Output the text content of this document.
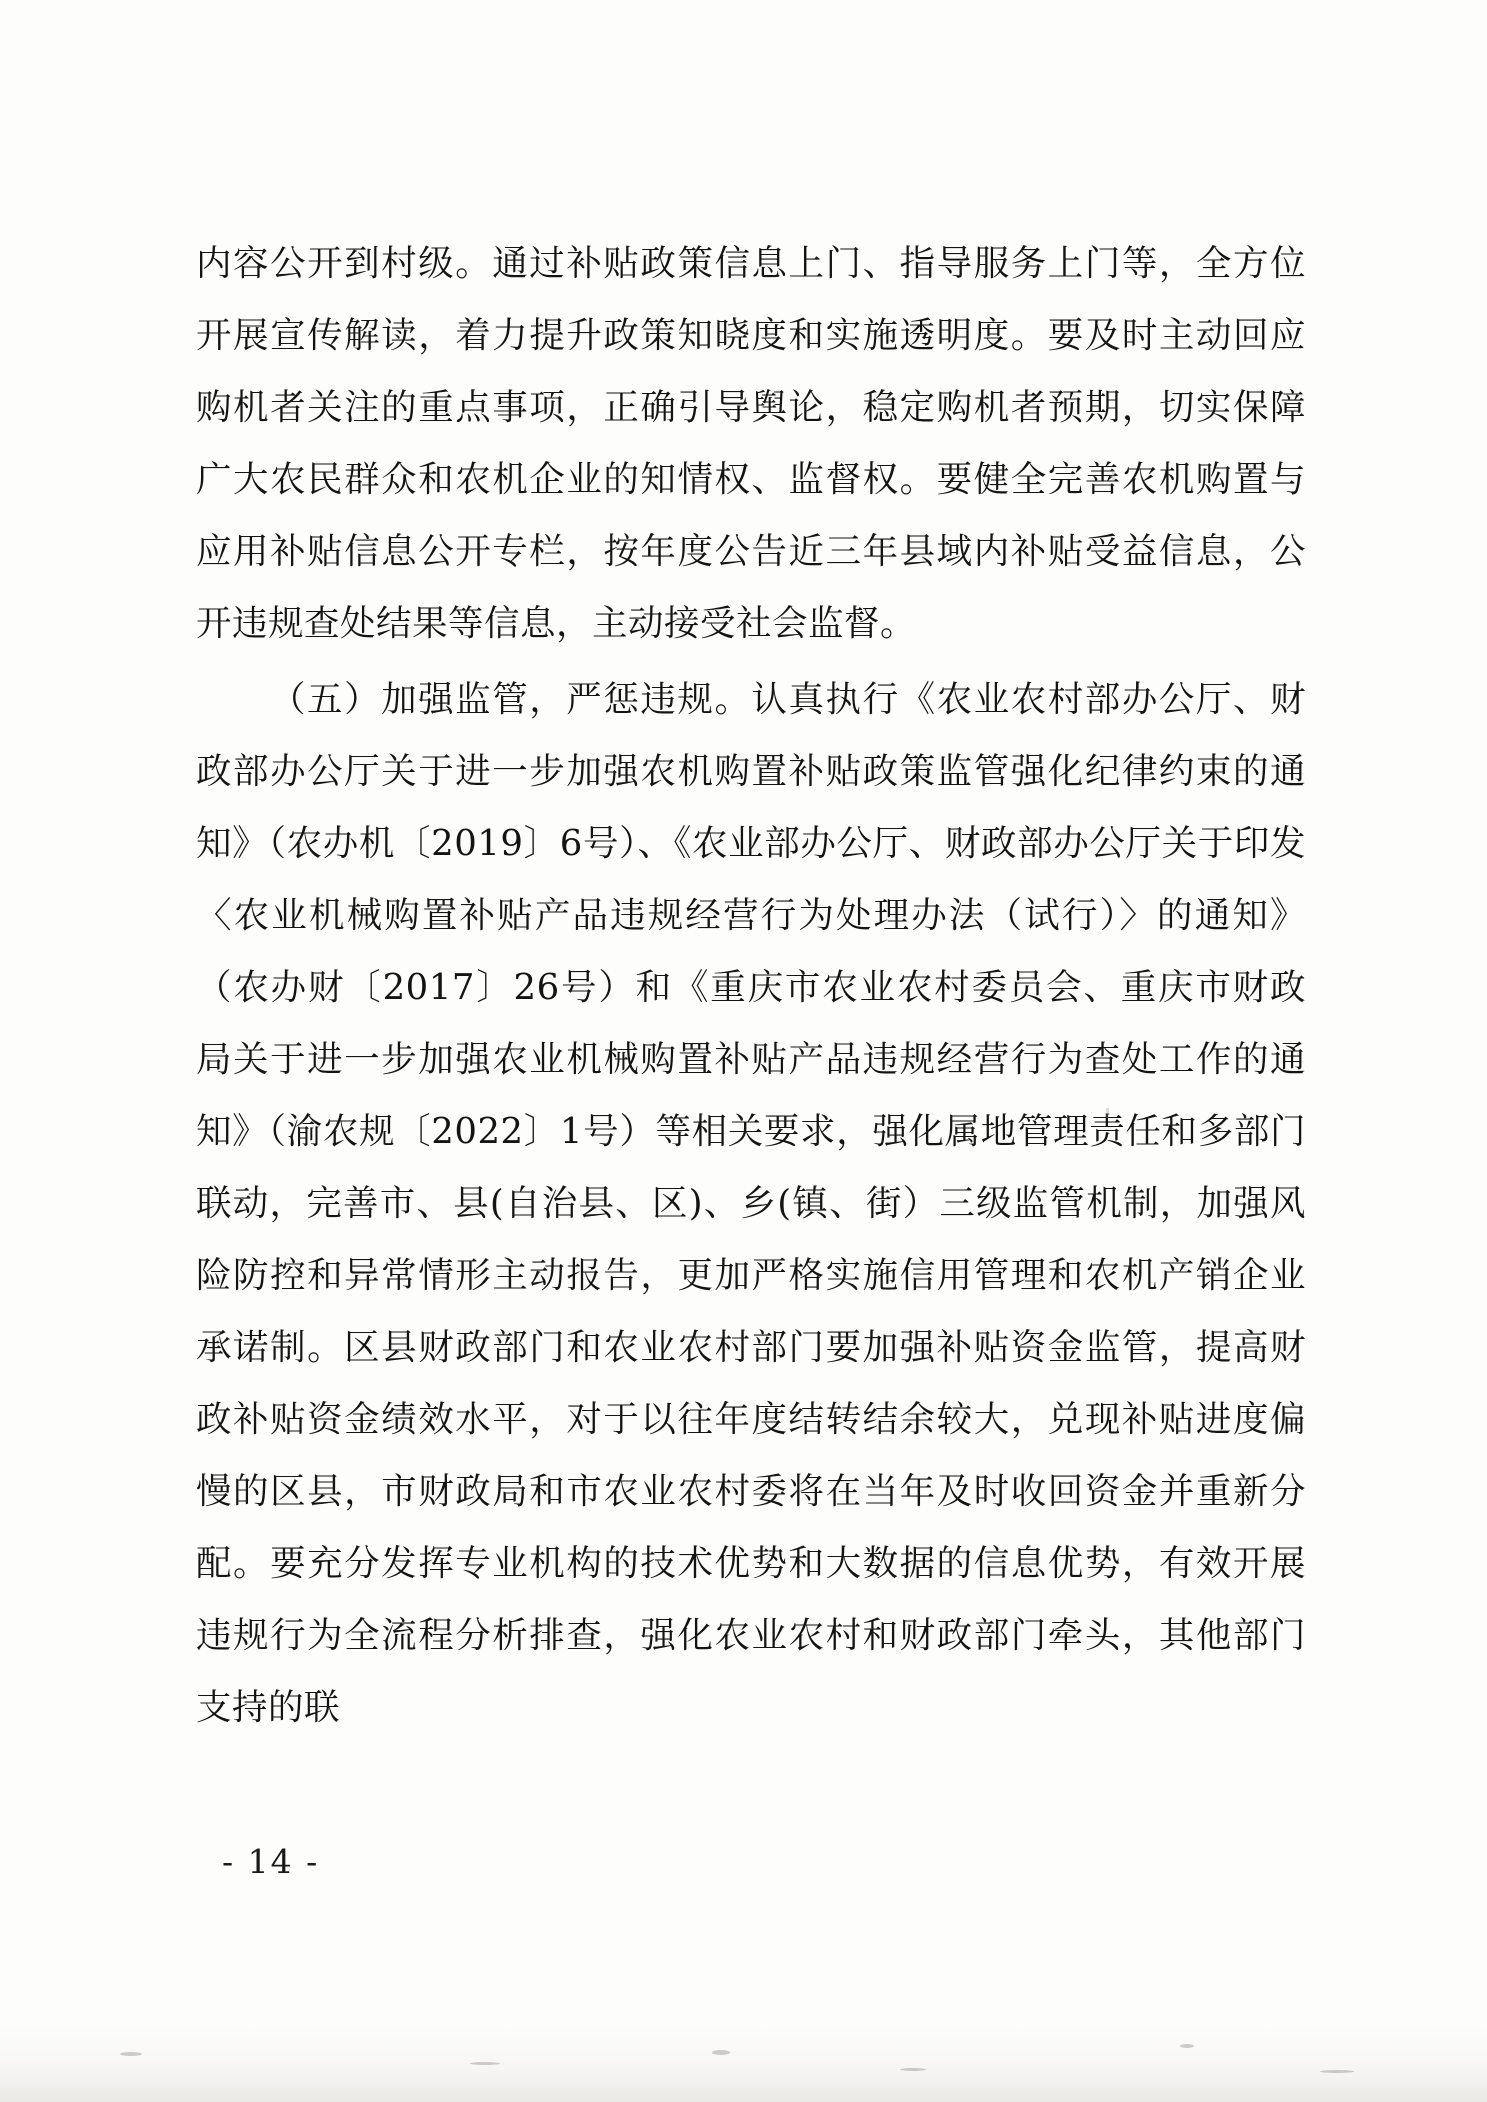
内容公开到村级。通过补贴政策信息上门、指导服务上门等，全方位开展宣传解读，着力提升政策知晓度和实施透明度。要及时主动回应购机者关注的重点事项，正确引导舆论，稳定购机者预期，切实保障广大农民群众和农机企业的知情权、监督权。要健全完善农机购置与应用补贴信息公开专栏，按年度公告近三年县域内补贴受益信息，公开违规查处结果等信息，主动接受社会监督。

（五）加强监管，严惩违规。认真执行《农业农村部办公厅、财政部办公厅关于进一步加强农机购置补贴政策监管强化纪律约束的通知》（农办机〔2019〕6号）、《农业部办公厅、财政部办公厅关于印发〈农业机械购置补贴产品违规经营行为处理办法（试行）〉的通知》（农办财〔2017〕26号）和《重庆市农业农村委员会、重庆市财政局关于进一步加强农业机械购置补贴产品违规经营行为查处工作的通知》（渝农规〔2022〕1号）等相关要求，强化属地管理责任和多部门联动，完善市、县(自治县、区)、乡(镇、街）三级监管机制，加强风险防控和异常情形主动报告，更加严格实施信用管理和农机产销企业承诺制。区县财政部门和农业农村部门要加强补贴资金监管，提高财政补贴资金绩效水平，对于以往年度结转结余较大，兑现补贴进度偏慢的区县，市财政局和市农业农村委将在当年及时收回资金并重新分配。要充分发挥专业机构的技术优势和大数据的信息优势，有效开展违规行为全流程分析排查，强化农业农村和财政部门牵头，其他部门支持的联

- 14 -
